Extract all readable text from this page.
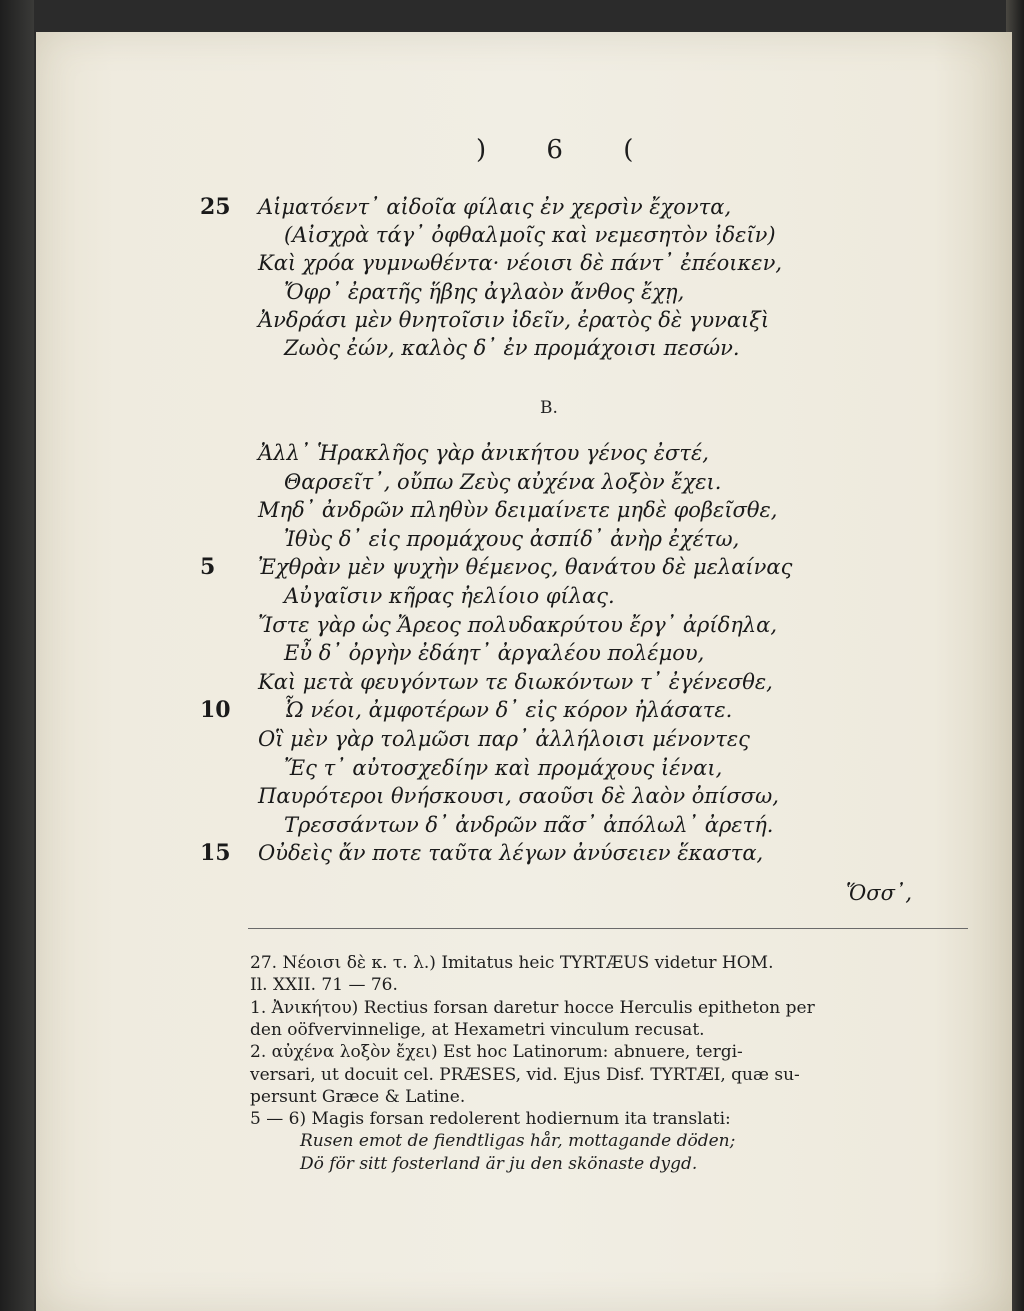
) 6 (
25 Αἱματόεντ᾽ αἰδοῖα φίλαις ἐν χερσὶν ἔχοντα,
(Αἰσχρὰ τάγ᾽ ὀφθαλμοῖς καὶ νεμεσητὸν ἰδεῖν)
Καὶ χρόα γυμνωθέντα· νέοισι δὲ πάντ᾽ ἐπέοικεν,
Ὄφρ᾽ ἐρατῆς ἥβης ἀγλαὸν ἄνθος ἔχῃ,
Ἀνδράσι μὲν θνητοῖσιν ἰδεῖν, ἐρατὸς δὲ γυναιξὶ
Ζωὸς ἐών, καλὸς δ᾽ ἐν προμάχοισι πεσών.
B.
Ἀλλ᾽ Ἡρακλῆος γὰρ ἀνικήτου γένος ἐστέ,
Θαρσεῖτ᾽, οὔπω Ζεὺς αὐχένα λοξὸν ἔχει.
Μηδ᾽ ἀνδρῶν πληθὺν δειμαίνετε μηδὲ φοβεῖσθε,
Ἰθὺς δ᾽ εἰς προμάχους ἀσπίδ᾽ ἀνὴρ ἐχέτω,
5 Ἐχθρὰν μὲν ψυχὴν θέμενος, θανάτου δὲ μελαίνας
Αὐγαῖσιν κῆρας ἠελίοιο φίλας.
Ἴστε γὰρ ὡς Ἄρεος πολυδακρύτου ἔργ᾽ ἀρίδηλα,
Εὖ δ᾽ ὀργὴν ἐδάητ᾽ ἀργαλέου πολέμου,
Καὶ μετὰ φευγόντων τε διωκόντων τ᾽ ἐγένεσθε,
10	Ὦ νέοι, ἀμφοτέρων δ᾽ εἰς κόρον ἠλάσατε.
Οἳ μὲν γὰρ τολμῶσι παρ᾽ ἀλλήλοισι μένοντες
Ἔς τ᾽ αὐτοσχεδίην καὶ προμάχους ἰέναι,
Παυρότεροι θνήσκουσι, σαοῦσι δὲ λαὸν ὀπίσσω,
Τρεσσάντων δ᾽ ἀνδρῶν πᾶσ᾽ ἀπόλωλ᾽ ἀρετή.
15 Οὐδεὶς ἄν ποτε ταῦτα λέγων ἀνύσειεν ἕκαστα,
Ὅσσ᾽,
27. Νέοισι δὲ κ. τ. λ.) Imitatus heic TYRTÆUS videtur HOM.
Il. XXII. 71 — 76.
1. Ἀνικήτου) Rectius forsan daretur hocce Herculis epitheton per
den oöfvervinnelige, at Hexametri vinculum recusat.
2. αὐχένα λοξὸν ἔχει) Est hoc Latinorum: abnuere, tergi-
versari, ut docuit cel. PRÆSES, vid. Ejus Disf. TYRTÆI, quæ su-
persunt Græce & Latine.
5 — 6) Magis forsan redolerent hodiernum ita translati:
Rusen emot de fiendtligas hår, mottagande döden;
Dö för sitt fosterland är ju den skönaste dygd.
